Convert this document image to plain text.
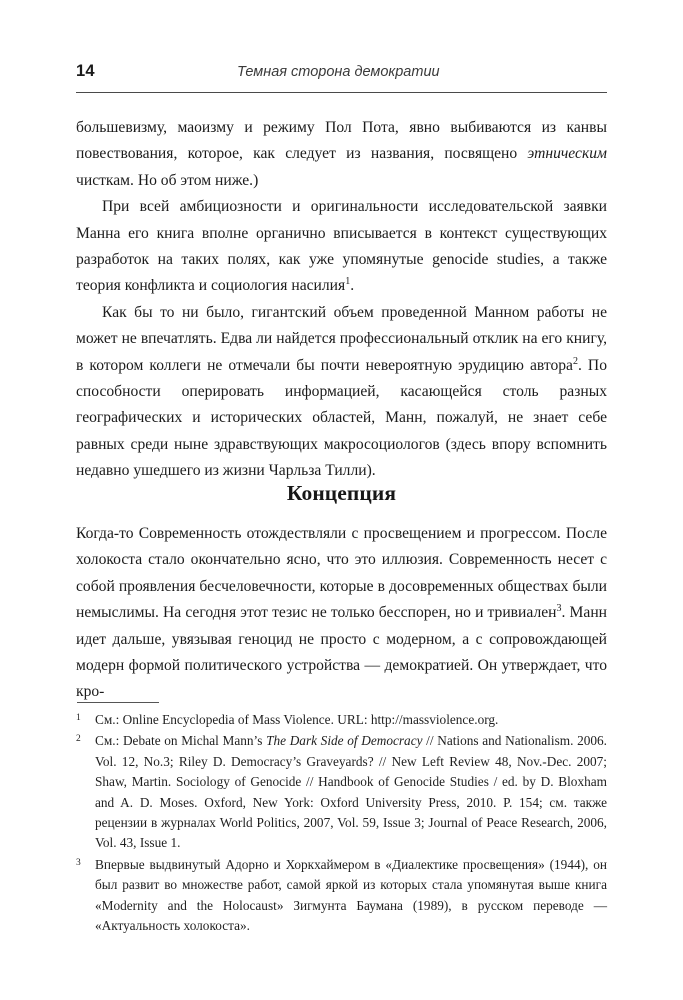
14	Темная сторона демократии

большевизму, маоизму и режиму Пол Пота, явно выбиваются из канвы повествования, которое, как следует из названия, посвящено этническим чисткам. Но об этом ниже.)

При всей амбициозности и оригинальности исследовательской заявки Манна его книга вполне органично вписывается в контекст существующих разработок на таких полях, как уже упомянутые genocide studies, а также теория конфликта и социология насилия$^1$.

Как бы то ни было, гигантский объем проведенной Манном работы не может не впечатлять. Едва ли найдется профессиональный отклик на его книгу, в котором коллеги не отмечали бы почти невероятную эрудицию автора$^2$. По способности оперировать информацией, касающейся столь разных географических и исторических областей, Манн, пожалуй, не знает себе равных среди ныне здравствующих макросоциологов (здесь впору вспомнить недавно ушедшего из жизни Чарльза Тилли).

Концепция

Когда-то Современность отождествляли с просвещением и прогрессом. После холокоста стало окончательно ясно, что это иллюзия. Современность несет с собой проявления бесчеловечности, которые в досовременных обществах были немыслимы. На сегодня этот тезис не только бесспорен, но и тривиален$^3$. Манн идет дальше, увязывая геноцид не просто с модерном, а с сопровождающей модерн формой политического устройства — демократией. Он утверждает, что кро-

1 См.: Online Encyclopedia of Mass Violence. URL: http://massviolence.org.
2 См.: Debate on Michal Mann’s The Dark Side of Democracy // Nations and Nationalism. 2006. Vol. 12, No.3; Riley D. Democracy’s Graveyards? // New Left Review 48, Nov.-Dec. 2007; Shaw, Martin. Sociology of Genocide // Handbook of Genocide Studies / ed. by D. Bloxham and A. D. Moses. Oxford, New York: Oxford University Press, 2010. P. 154; см. также рецензии в журналах World Politics, 2007, Vol. 59, Issue 3; Journal of Peace Research, 2006, Vol. 43, Issue 1.
3 Впервые выдвинутый Адорно и Хоркхаймером в «Диалектике просвещения» (1944), он был развит во множестве работ, самой яркой из которых стала упомянутая выше книга «Modernity and the Holocaust» Зигмунта Баумана (1989), в русском переводе — «Актуальность холокоста».
